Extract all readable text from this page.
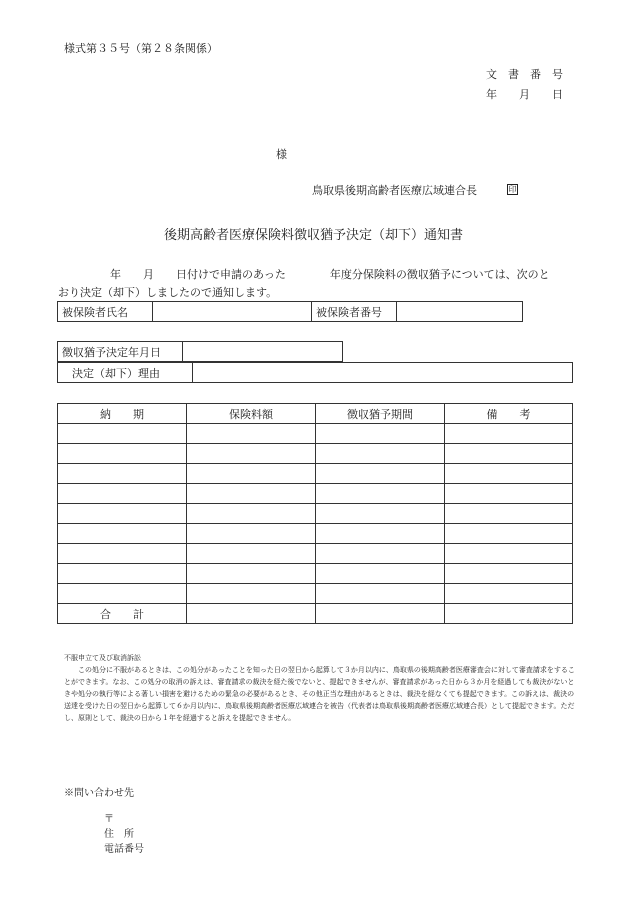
様式第３５号（第２８条関係）
文　書　番　号
年　　月　　日
様
鳥取県後期高齢者医療広域連合長	印
後期高齢者医療保険料徴収猶予決定（却下）通知書
年　　月　　日付けで申請のあった　　　　年度分保険料の徴収猶予については、次のと
おり決定（却下）しましたので通知します。
被保険者氏名		被保険者番号	
徴収猶予決定年月日	
決定（却下）理由	
納　　期	保険料額	徴収猶予期間	備　　考

合　　計			
不服申立て及び取消訴訟

この処分に不服があるときは、この処分があったことを知った日の翌日から起算して３か月以内に、鳥取県の後期高齢者医療審査会に対して審査請求をすることができます。なお、この処分の取消の訴えは、審査請求の裁決を経た後でないと、提起できませんが、審査請求があった日から３か月を経過しても裁決がないときや処分の執行等による著しい損害を避けるための緊急の必要があるとき、その他正当な理由があるときは、裁決を経なくても提起できます。この訴えは、裁決の送達を受けた日の翌日から起算して６か月以内に、鳥取県後期高齢者医療広域連合を被告（代表者は鳥取県後期高齢者医療広域連合長）として提起できます。ただし、原則として、裁決の日から１年を経過すると訴えを提起できません。

※問い合わせ先
〒
住　所
電話番号
